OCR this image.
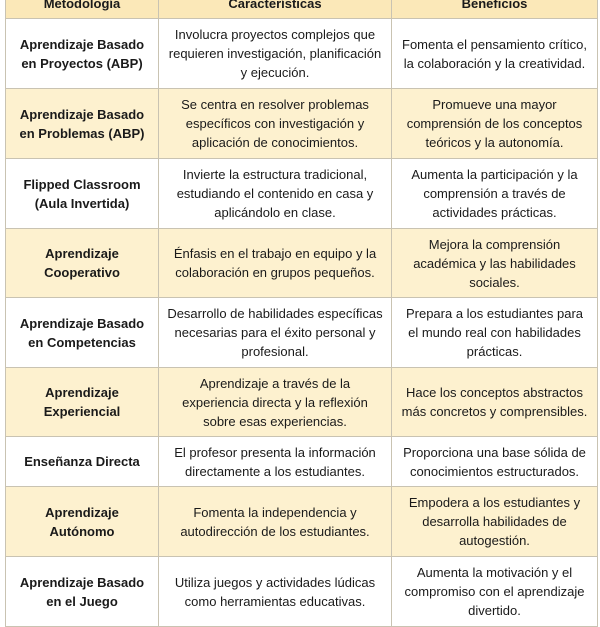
Metodología	Características	Beneficios
Aprendizaje Basado en Proyectos (ABP)	Involucra proyectos complejos que requieren investigación, planificación y ejecución.	Fomenta el pensamiento crítico, la colaboración y la creatividad.
Aprendizaje Basado en Problemas (ABP)	Se centra en resolver problemas específicos con investigación y aplicación de conocimientos.	Promueve una mayor comprensión de los conceptos teóricos y la autonomía.
Flipped Classroom (Aula Invertida)	Invierte la estructura tradicional, estudiando el contenido en casa y aplicándolo en clase.	Aumenta la participación y la comprensión a través de actividades prácticas.
Aprendizaje Cooperativo	Énfasis en el trabajo en equipo y la colaboración en grupos pequeños.	Mejora la comprensión académica y las habilidades sociales.
Aprendizaje Basado en Competencias	Desarrollo de habilidades específicas necesarias para el éxito personal y profesional.	Prepara a los estudiantes para el mundo real con habilidades prácticas.
Aprendizaje Experiencial	Aprendizaje a través de la experiencia directa y la reflexión sobre esas experiencias.	Hace los conceptos abstractos más concretos y comprensibles.
Enseñanza Directa	El profesor presenta la información directamente a los estudiantes.	Proporciona una base sólida de conocimientos estructurados.
Aprendizaje Autónomo	Fomenta la independencia y autodirección de los estudiantes.	Empodera a los estudiantes y desarrolla habilidades de autogestión.
Aprendizaje Basado en el Juego	Utiliza juegos y actividades lúdicas como herramientas educativas.	Aumenta la motivación y el compromiso con el aprendizaje divertido.
